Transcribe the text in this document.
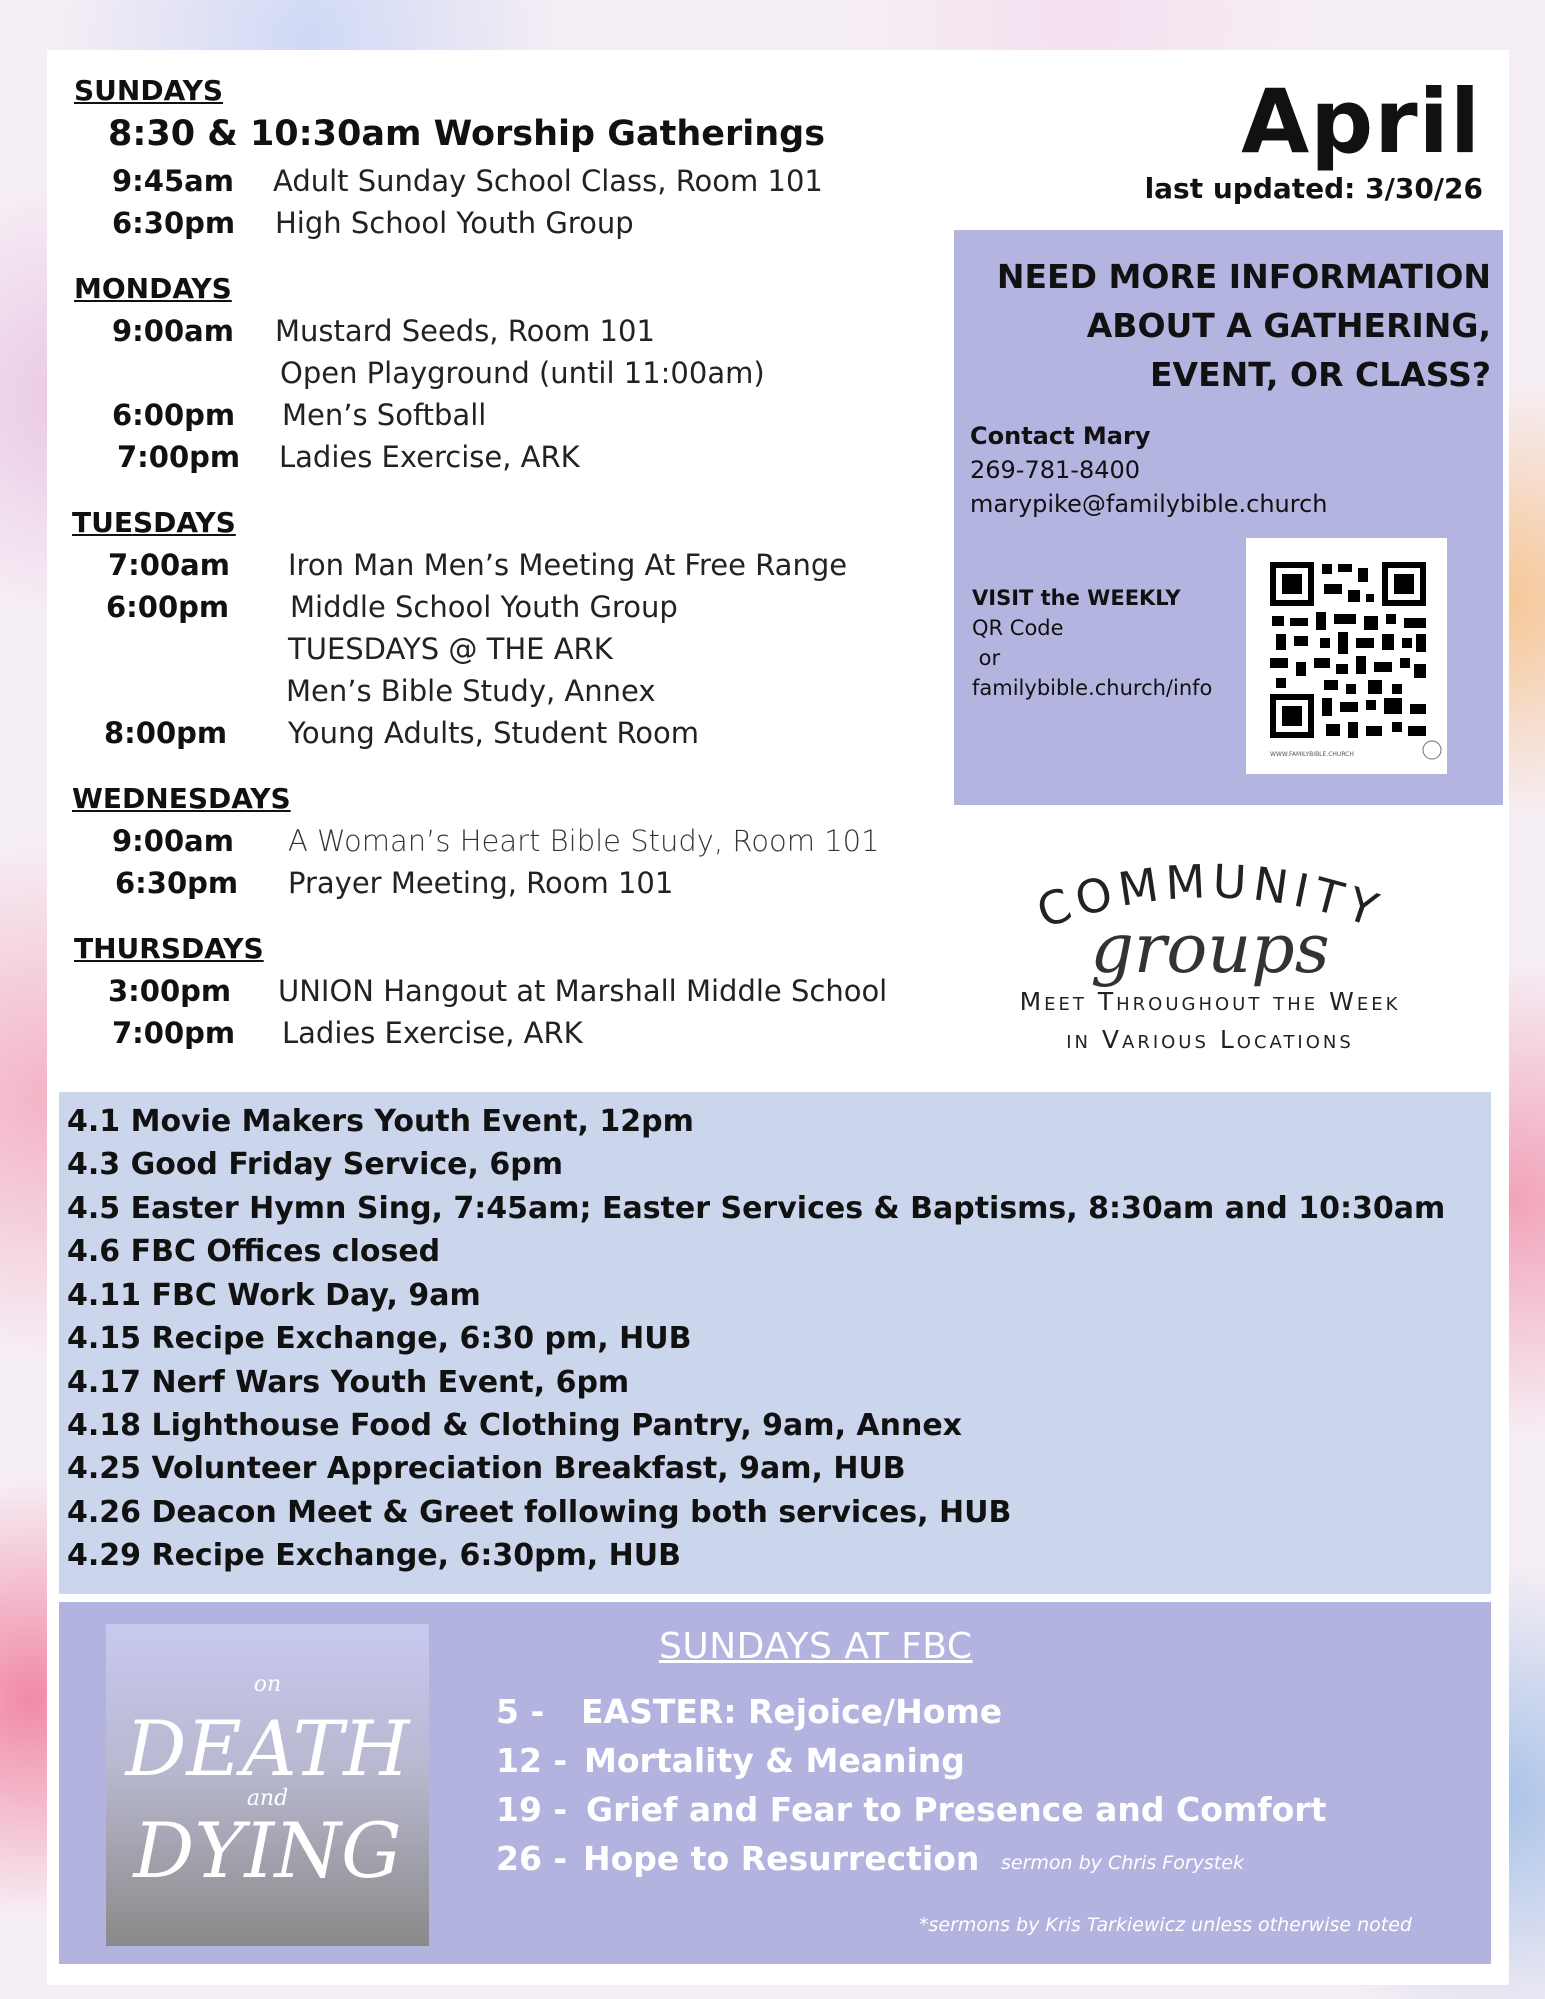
SUNDAYS
8:30 & 10:30am Worship Gatherings
9:45am Adult Sunday School Class, Room 101
6:30pm High School Youth Group
MONDAYS
9:00am Mustard Seeds, Room 101
Open Playground (until 11:00am)
6:00pm Men’s Softball
7:00pm Ladies Exercise, ARK
TUESDAYS
7:00am Iron Man Men’s Meeting At Free Range
6:00pm Middle School Youth Group
TUESDAYS @ THE ARK
Men’s Bible Study, Annex
8:00pm Young Adults, Student Room
WEDNESDAYS
9:00am A Woman’s Heart Bible Study, Room 101
6:30pm Prayer Meeting, Room 101
THURSDAYS
3:00pm UNION Hangout at Marshall Middle School
7:00pm Ladies Exercise, ARK
April
last updated: 3/30/26
NEED MORE INFORMATION
ABOUT A GATHERING,
EVENT, OR CLASS?
Contact Mary
269-781-8400
marypike@familybible.church
VISIT the WEEKLY
QR Code
or
familybible.church/info
WWW.FAMILYBIBLE.CHURCH
COMMUNITY
groups
Meet Throughout the Week
in Various Locations
4.1 Movie Makers Youth Event, 12pm
4.3 Good Friday Service, 6pm
4.5 Easter Hymn Sing, 7:45am; Easter Services & Baptisms, 8:30am and 10:30am
4.6 FBC Offices closed
4.11 FBC Work Day, 9am
4.15 Recipe Exchange, 6:30 pm, HUB
4.17 Nerf Wars Youth Event, 6pm
4.18 Lighthouse Food & Clothing Pantry, 9am, Annex
4.25 Volunteer Appreciation Breakfast, 9am, HUB
4.26 Deacon Meet & Greet following both services, HUB
4.29 Recipe Exchange, 6:30pm, HUB
on
DEATH
and
DYING
SUNDAYS AT FBC
5 - EASTER: Rejoice/Home
12 - Mortality & Meaning
19 - Grief and Fear to Presence and Comfort
26 - Hope to Resurrection sermon by Chris Forystek
*sermons by Kris Tarkiewicz unless otherwise noted
